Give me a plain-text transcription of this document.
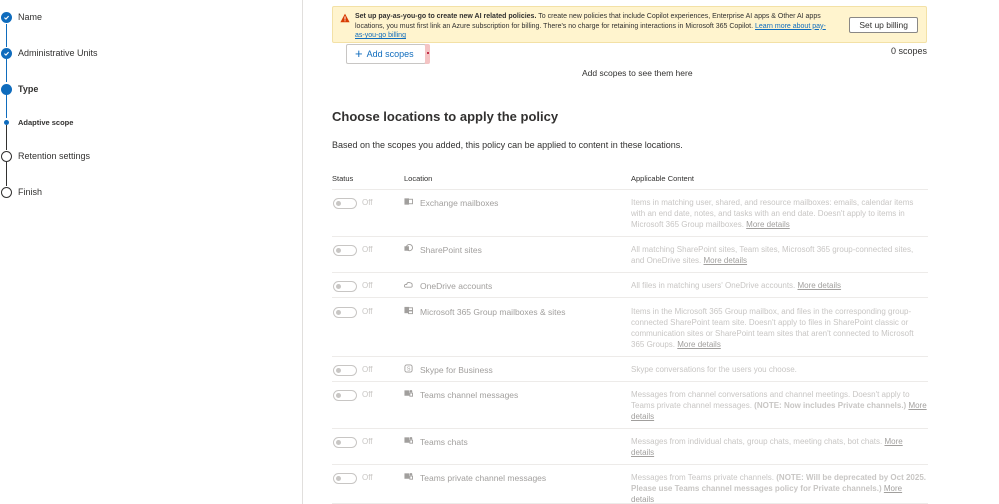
Name
Administrative Units
Type
Adaptive scope
Retention settings
Finish
Set up pay-as-you-go to create new AI related policies. To create new policies that include Copilot experiences, Enterprise AI apps & Other AI apps locations, you must first link an Azure subscription for billing. There's no charge for retaining interactions in Microsoft 365 Copilot. Learn more about pay-as-you-go billing
Set up billing
+ Add scopes	0 scopes
Add scopes to see them here
Choose locations to apply the policy

Based on the scopes you added, this policy can be applied to content in these locations.

Status	Location	Applicable Content
Off	Exchange mailboxes	Items in matching user, shared, and resource mailboxes: emails, calendar items with an end date, notes, and tasks with an end date. Doesn't apply to items in Microsoft 365 Group mailboxes. More details
Off	SharePoint sites	All matching SharePoint sites, Team sites, Microsoft 365 group-connected sites, and OneDrive sites. More details
Off	OneDrive accounts	All files in matching users' OneDrive accounts. More details
Off	Microsoft 365 Group mailboxes & sites	Items in the Microsoft 365 Group mailbox, and files in the corresponding group-connected SharePoint team site. Doesn't apply to files in SharePoint classic or communication sites or SharePoint team sites that aren't connected to Microsoft 365 Groups. More details
Off	S Skype for Business	Skype conversations for the users you choose.
Off	Teams channel messages	Messages from channel conversations and channel meetings. Doesn't apply to Teams private channel messages. (NOTE: Now includes Private channels.) More details
Off	Teams chats	Messages from individual chats, group chats, meeting chats, bot chats. More details
Off	Teams private channel messages	Messages from Teams private channels. (NOTE: Will be deprecated by Oct 2025. Please use Teams channel messages policy for Private channels.) More details
